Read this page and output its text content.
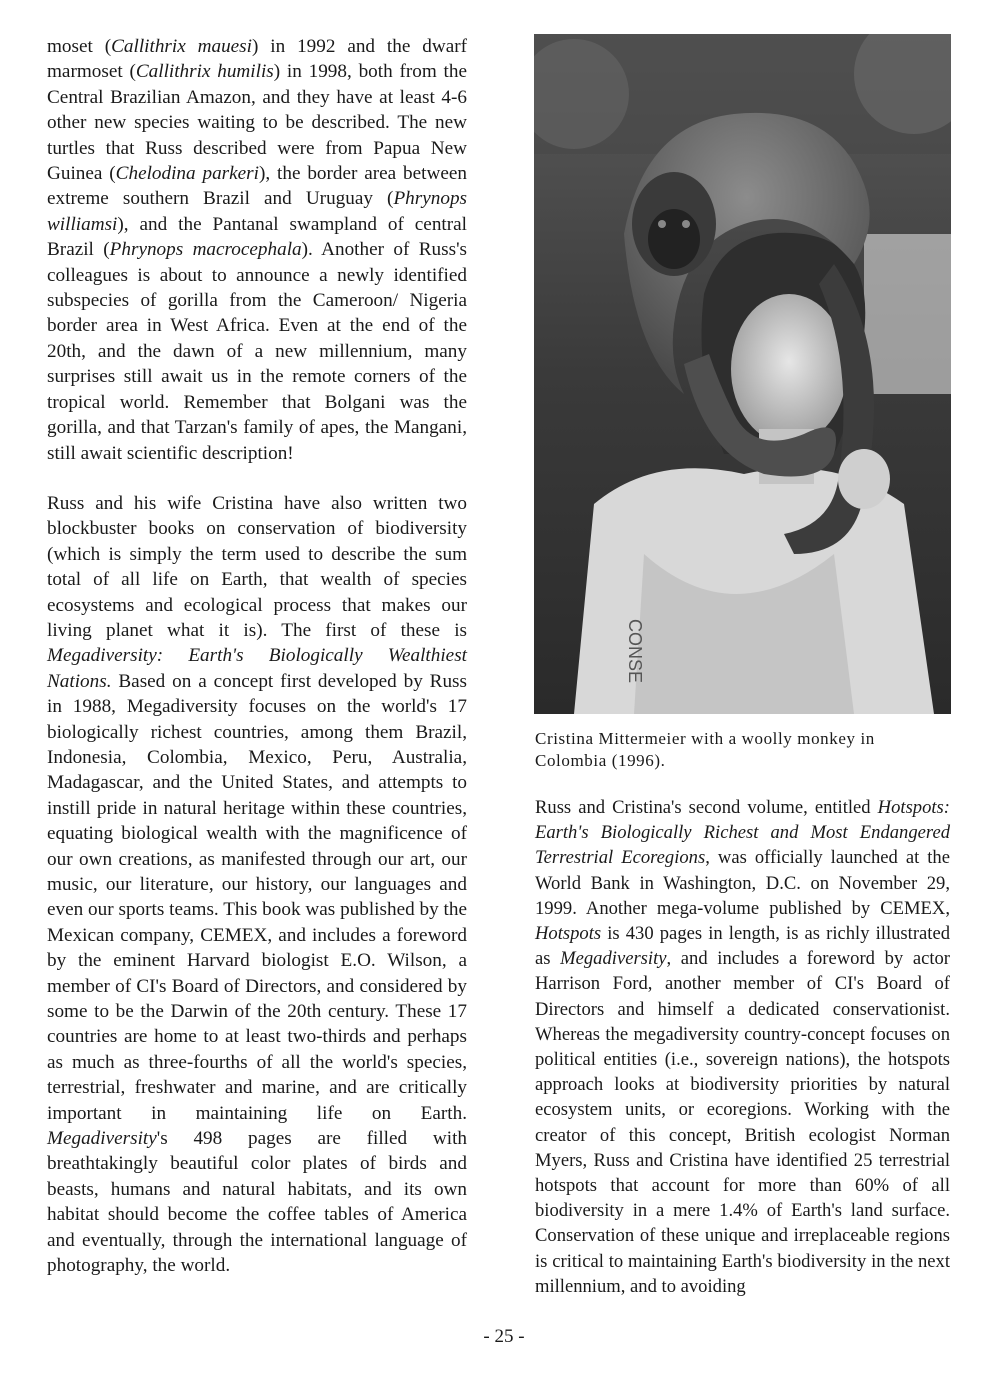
moset (Callithrix mauesi) in 1992 and the dwarf marmoset (Callithrix humilis) in 1998, both from the Central Brazilian Amazon, and they have at least 4-6 other new species waiting to be described. The new turtles that Russ described were from Papua New Guinea (Chelodina parkeri), the border area between extreme southern Brazil and Uruguay (Phrynops williamsi), and the Pantanal swampland of central Brazil (Phrynops macrocephala). Another of Russ's colleagues is about to announce a newly identified subspecies of gorilla from the Cameroon/ Nigeria border area in West Africa. Even at the end of the 20th, and the dawn of a new millennium, many surprises still await us in the remote corners of the tropical world. Remember that Bolgani was the gorilla, and that Tarzan's family of apes, the Mangani, still await scientific description!

Russ and his wife Cristina have also written two blockbuster books on conservation of biodiversity (which is simply the term used to describe the sum total of all life on Earth, that wealth of species ecosystems and ecological process that makes our living planet what it is). The first of these is Megadiversity: Earth's Biologically Wealthiest Nations. Based on a concept first developed by Russ in 1988, Megadiversity focuses on the world's 17 biologically richest countries, among them Brazil, Indonesia, Colombia, Mexico, Peru, Australia, Madagascar, and the United States, and attempts to instill pride in natural heritage within these countries, equating biological wealth with the magnificence of our own creations, as manifested through our art, our music, our literature, our history, our languages and even our sports teams. This book was published by the Mexican company, CEMEX, and includes a foreword by the eminent Harvard biologist E.O. Wilson, a member of CI's Board of Directors, and considered by some to be the Darwin of the 20th century. These 17 countries are home to at least two-thirds and perhaps as much as three-fourths of all the world's species, terrestrial, freshwater and marine, and are critically important in maintaining life on Earth. Megadiversity's 498 pages are filled with breathtakingly beautiful color plates of birds and beasts, humans and natural habitats, and its own habitat should become the coffee tables of America and eventually, through the international language of photography, the world.

CONSE

Cristina Mittermeier with a woolly monkey in Colombia (1996).

Russ and Cristina's second volume, entitled Hotspots: Earth's Biologically Richest and Most Endangered Terrestrial Ecoregions, was officially launched at the World Bank in Washington, D.C. on November 29, 1999. Another mega-volume published by CEMEX, Hotspots is 430 pages in length, is as richly illustrated as Megadiversity, and includes a foreword by actor Harrison Ford, another member of CI's Board of Directors and himself a dedicated conservationist. Whereas the megadiversity country-concept focuses on political entities (i.e., sovereign nations), the hotspots approach looks at biodiversity priorities by natural ecosystem units, or ecoregions. Working with the creator of this concept, British ecologist Norman Myers, Russ and Cristina have identified 25 terrestrial hotspots that account for more than 60% of all biodiversity in a mere 1.4% of Earth's land surface. Conservation of these unique and irreplaceable regions is critical to maintaining Earth's biodiversity in the next millennium, and to avoiding

- 25 -
